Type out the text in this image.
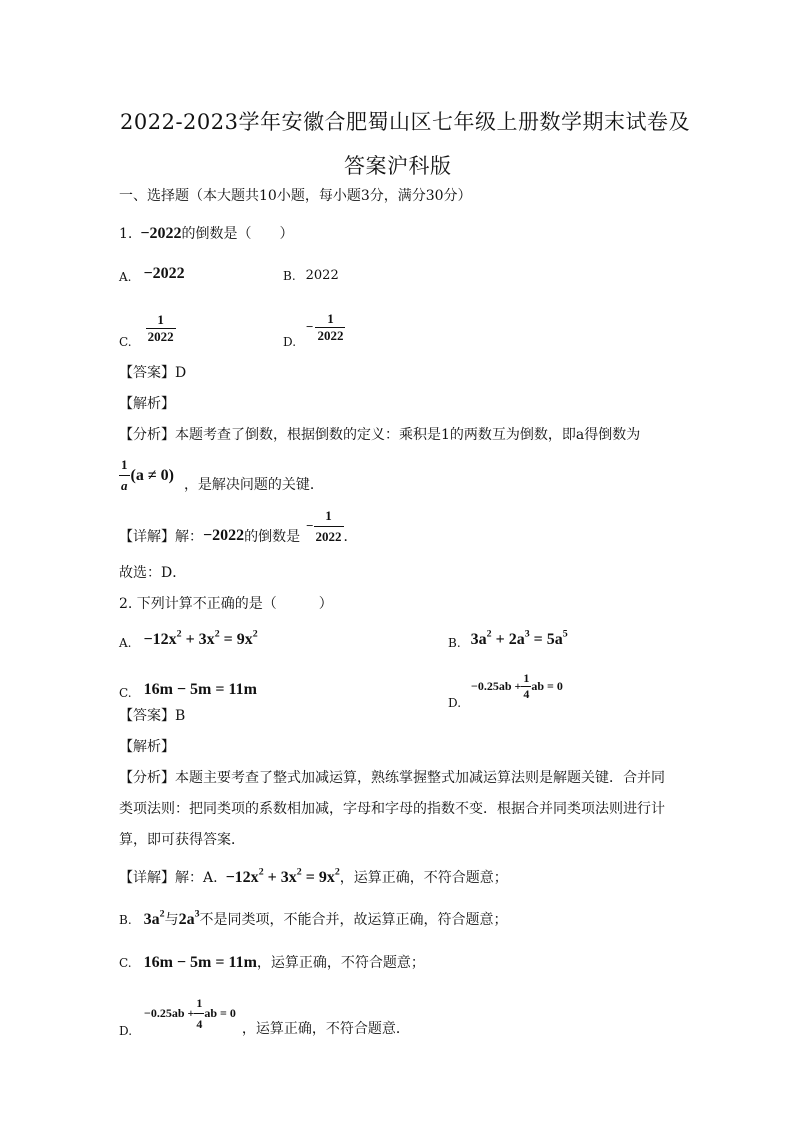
2022-2023学年安徽合肥蜀山区七年级上册数学期末试卷及
答案沪科版
一、选择题（本大题共10小题，每小题3分，满分30分）
1. −2022 的倒数是（　　）
A. −2022	B. 2022
C. $\frac{1}{2022}$	D.
− $\frac{1}{2022}$
【答案】D
【解析】
【分析】本题考查了倒数，根据倒数的定义：乘积是1的两数互为倒数，即a得倒数为
$\frac{1}{a} (a \ne 0)$
，是解决问题的关键．
【详解】解： −2022 的倒数是
− $\frac{1}{2022}$ ．
故选：D．
2. 下列计算不正确的是（　　　）
A. $-12x^2 + 3x^2 = 9x^2$
B. $3a^2 + 2a^3 = 5a^5$
C. 16m − 5m = 11m
D.
$-0.25ab + \frac{1}{4}$ ab = 0
【答案】B
【解析】
【分析】本题主要考查了整式加减运算，熟练掌握整式加减运算法则是解题关键．合并同
类项法则：把同类项的系数相加减，字母和字母的指数不变．根据合并同类项法则进行计
算，即可获得答案．
【详解】解：A. $-12x^2 + 3x^2 = 9x^2$ ，运算正确，不符合题意；
B. $3a^2$ 与 $2a^3$ 不是同类项，不能合并，故运算正确，符合题意；
C. 16m − 5m = 11m ，运算正确，不符合题意；
D.
$-0.25ab + \frac{1}{4}$ ab = 0
，运算正确，不符合题意．
